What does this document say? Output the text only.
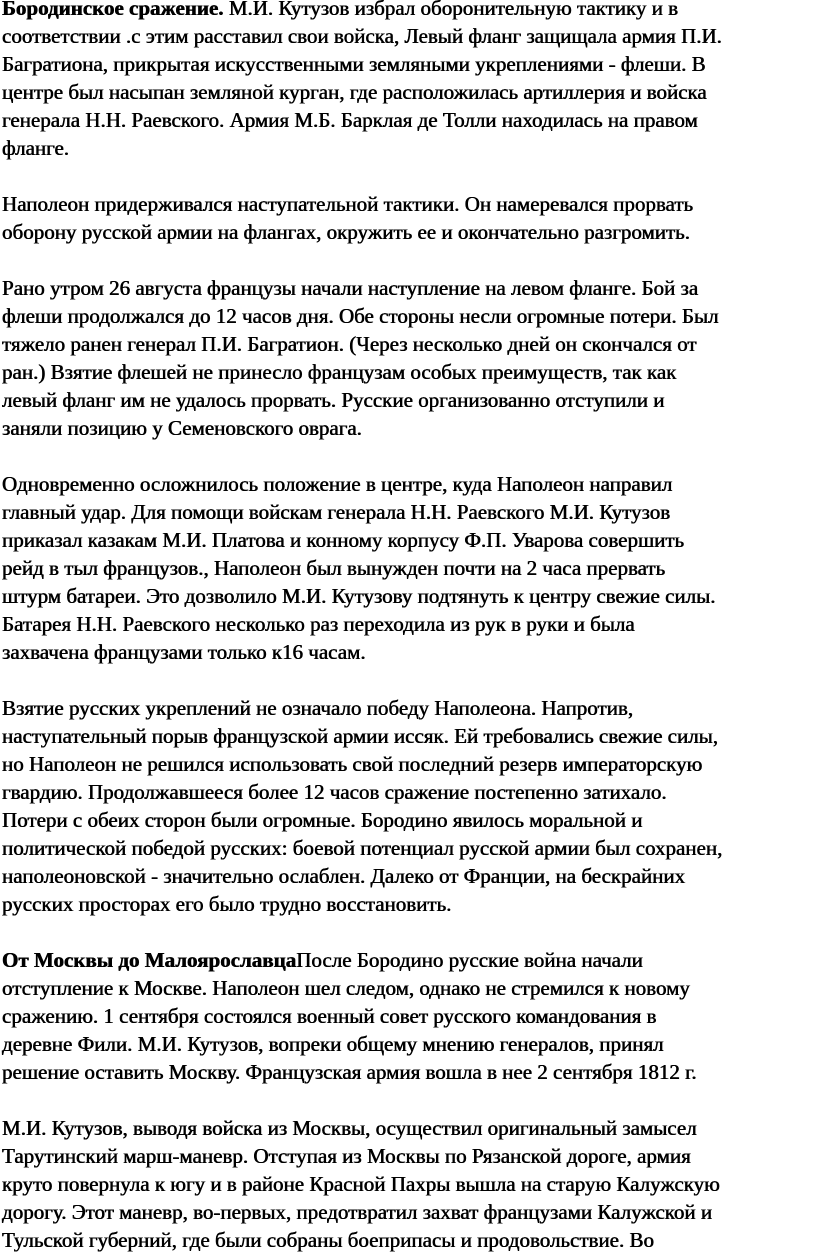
Бородинское сражение. М.И. Кутузов избрал оборонительную тактику и в
соответствии .с этим расставил свои войска, Левый фланг защищала армия П.И.
Багратиона, прикрытая искусственными земляными укреплениями - флеши. В
центре был насыпан земляной курган, где расположилась артиллерия и войска
генерала Н.Н. Раевского. Армия М.Б. Барклая де Толли находилась на правом
фланге.
Наполеон придерживался наступательной тактики. Он намеревался прорвать
оборону русской армии на флангах, окружить ее и окончательно разгромить.
Рано утром 26 августа французы начали наступление на левом фланге. Бой за
флеши продолжался до 12 часов дня. Обе стороны несли огромные потери. Был
тяжело ранен генерал П.И. Багратион. (Через несколько дней он скончался от
ран.) Взятие флешей не принесло французам особых преимуществ, так как
левый фланг им не удалось прорвать. Русские организованно отступили и
заняли позицию у Семеновского оврага.
Одновременно осложнилось положение в центре, куда Наполеон направил
главный удар. Для помощи войскам генерала Н.Н. Раевского М.И. Кутузов
приказал казакам М.И. Платова и конному корпусу Ф.П. Уварова совершить
рейд в тыл французов., Наполеон был вынужден почти на 2 часа прервать
штурм батареи. Это дозволило М.И. Кутузову подтянуть к центру свежие силы.
Батарея Н.Н. Раевского несколько раз переходила из рук в руки и была
захвачена французами только к16 часам.
Взятие русских укреплений не означало победу Наполеона. Напротив,
наступательный порыв французской армии иссяк. Ей требовались свежие силы,
но Наполеон не решился использовать свой последний резерв императорскую
гвардию. Продолжавшееся более 12 часов сражение постепенно затихало.
Потери с обеих сторон были огромные. Бородино явилось моральной и
политической победой русских: боевой потенциал русской армии был сохранен,
наполеоновской - значительно ослаблен. Далеко от Франции, на бескрайних
русских просторах его было трудно восстановить.
От Москвы до МалоярославцаПосле Бородино русские война начали
отступление к Москве. Наполеон шел следом, однако не стремился к новому
сражению. 1 сентября состоялся военный совет русского командования в
деревне Фили. М.И. Кутузов, вопреки общему мнению генералов, принял
решение оставить Москву. Французская армия вошла в нее 2 сентября 1812 г.
М.И. Кутузов, выводя войска из Москвы, осуществил оригинальный замысел
Тарутинский марш-маневр. Отступая из Москвы по Рязанской дороге, армия
круто повернула к югу и в районе Красной Пахры вышла на старую Калужскую
дорогу. Этот маневр, во-первых, предотвратил захват французами Калужской и
Тульской губерний, где были собраны боеприпасы и продовольствие. Во
